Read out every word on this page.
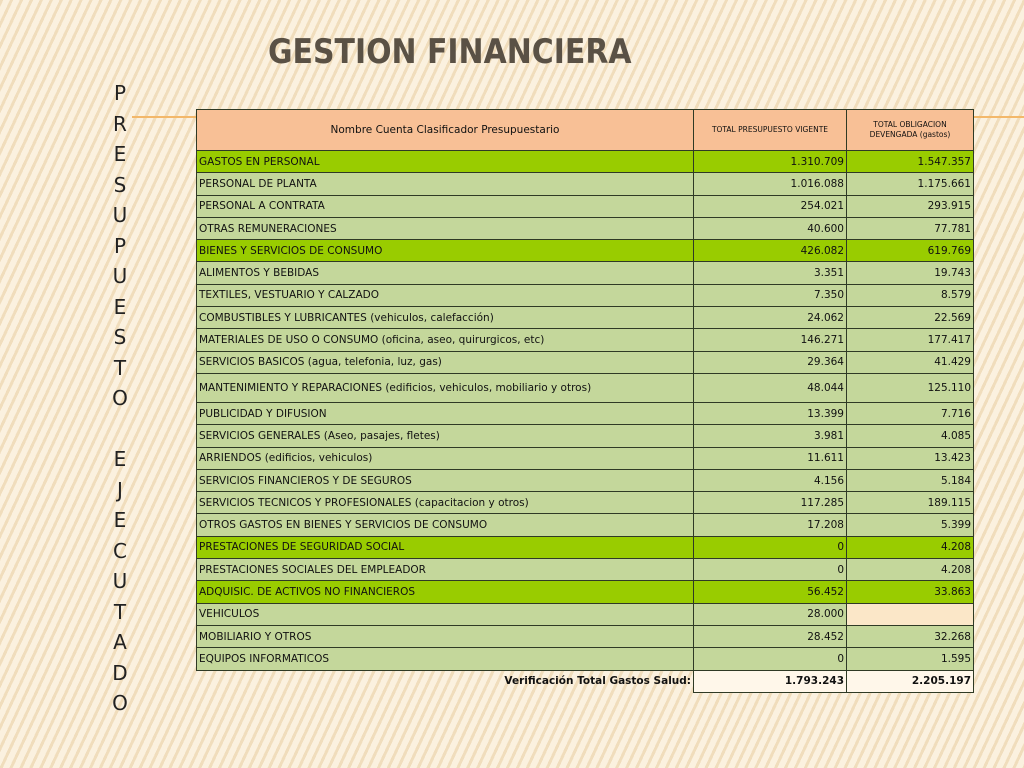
GESTION FINANCIERA
P
R
E
S
U
P
U
E
S
T
O
E
J
E
C
U
T
A
D
O
Nombre Cuenta Clasificador Presupuestario	TOTAL PRESUPUESTO VIGENTE	TOTAL OBLIGACION DEVENGADA (gastos)
GASTOS EN PERSONAL	1.310.709	1.547.357
PERSONAL DE PLANTA	1.016.088	1.175.661
PERSONAL A CONTRATA	254.021	293.915
OTRAS REMUNERACIONES	40.600	77.781
BIENES Y SERVICIOS DE CONSUMO	426.082	619.769
ALIMENTOS Y BEBIDAS	3.351	19.743
TEXTILES, VESTUARIO Y CALZADO	7.350	8.579
COMBUSTIBLES Y LUBRICANTES (vehiculos, calefacción)	24.062	22.569
MATERIALES DE USO O CONSUMO (oficina, aseo, quirurgicos, etc)	146.271	177.417
SERVICIOS BASICOS (agua, telefonia, luz, gas)	29.364	41.429
MANTENIMIENTO Y REPARACIONES (edificios, vehiculos, mobiliario y otros)	48.044	125.110
PUBLICIDAD Y DIFUSION	13.399	7.716
SERVICIOS GENERALES (Aseo, pasajes, fletes)	3.981	4.085
ARRIENDOS (edificios, vehiculos)	11.611	13.423
SERVICIOS FINANCIEROS Y DE SEGUROS	4.156	5.184
SERVICIOS TECNICOS Y PROFESIONALES (capacitacion y otros)	117.285	189.115
OTROS GASTOS EN BIENES Y SERVICIOS DE CONSUMO	17.208	5.399
PRESTACIONES DE SEGURIDAD SOCIAL	0	4.208
PRESTACIONES SOCIALES DEL EMPLEADOR	0	4.208
ADQUISIC. DE ACTIVOS NO FINANCIEROS	56.452	33.863
VEHICULOS	28.000	
MOBILIARIO Y OTROS	28.452	32.268
EQUIPOS INFORMATICOS	0	1.595
Verificación Total Gastos Salud:	1.793.243	2.205.197
